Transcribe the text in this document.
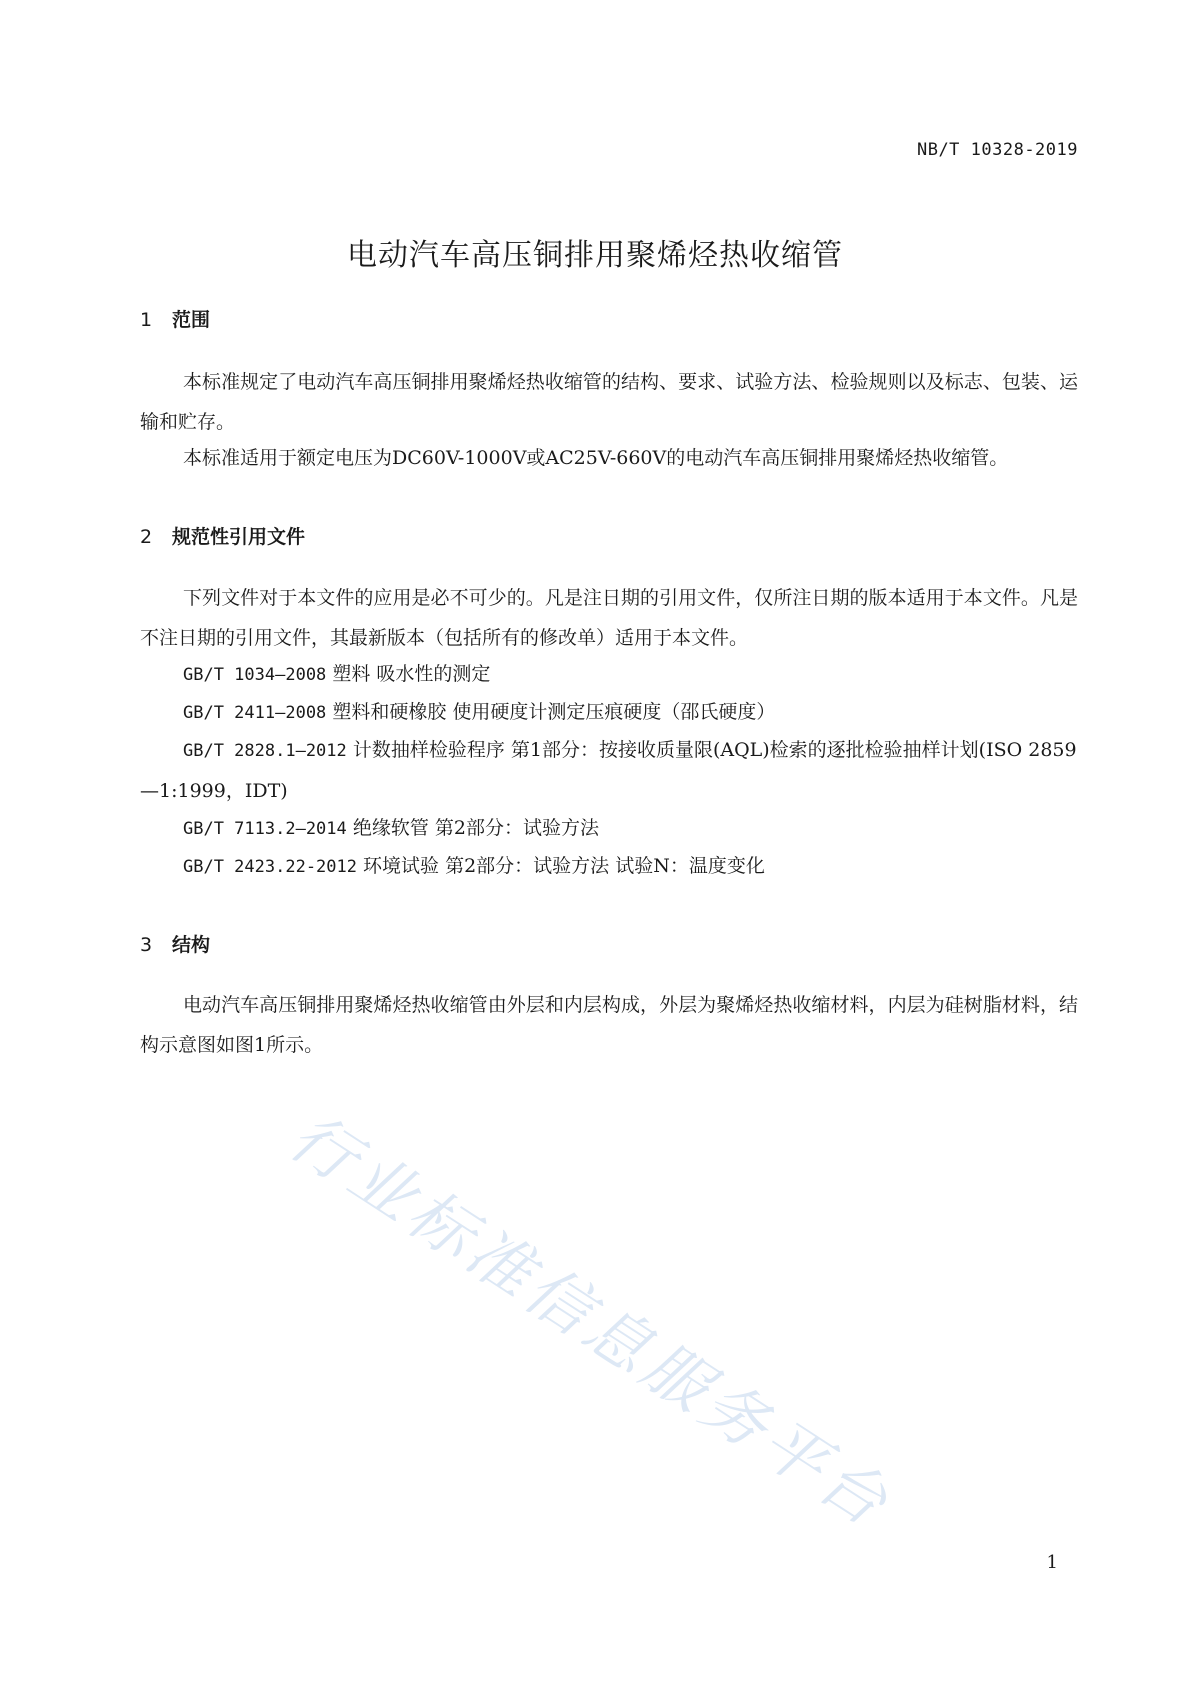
NB/T 10328-2019
电动汽车高压铜排用聚烯烃热收缩管
1 范围
本标准规定了电动汽车高压铜排用聚烯烃热收缩管的结构、要求、试验方法、检验规则以及标志、包装、运输和贮存。
本标准适用于额定电压为DC60V-1000V或AC25V-660V的电动汽车高压铜排用聚烯烃热收缩管。
2 规范性引用文件
下列文件对于本文件的应用是必不可少的。凡是注日期的引用文件，仅所注日期的版本适用于本文件。凡是不注日期的引用文件，其最新版本（包括所有的修改单）适用于本文件。
GB/T 1034—2008 塑料 吸水性的测定
GB/T 2411—2008 塑料和硬橡胶 使用硬度计测定压痕硬度（邵氏硬度）
GB/T 2828.1—2012 计数抽样检验程序 第1部分：按接收质量限(AQL)检索的逐批检验抽样计划(ISO 2859—1:1999，IDT)
GB/T 7113.2—2014 绝缘软管 第2部分：试验方法
GB/T 2423.22-2012 环境试验 第2部分：试验方法 试验N：温度变化
3 结构
电动汽车高压铜排用聚烯烃热收缩管由外层和内层构成，外层为聚烯烃热收缩材料，内层为硅树脂材料，结构示意图如图1所示。
行业标准信息服务平台
1
